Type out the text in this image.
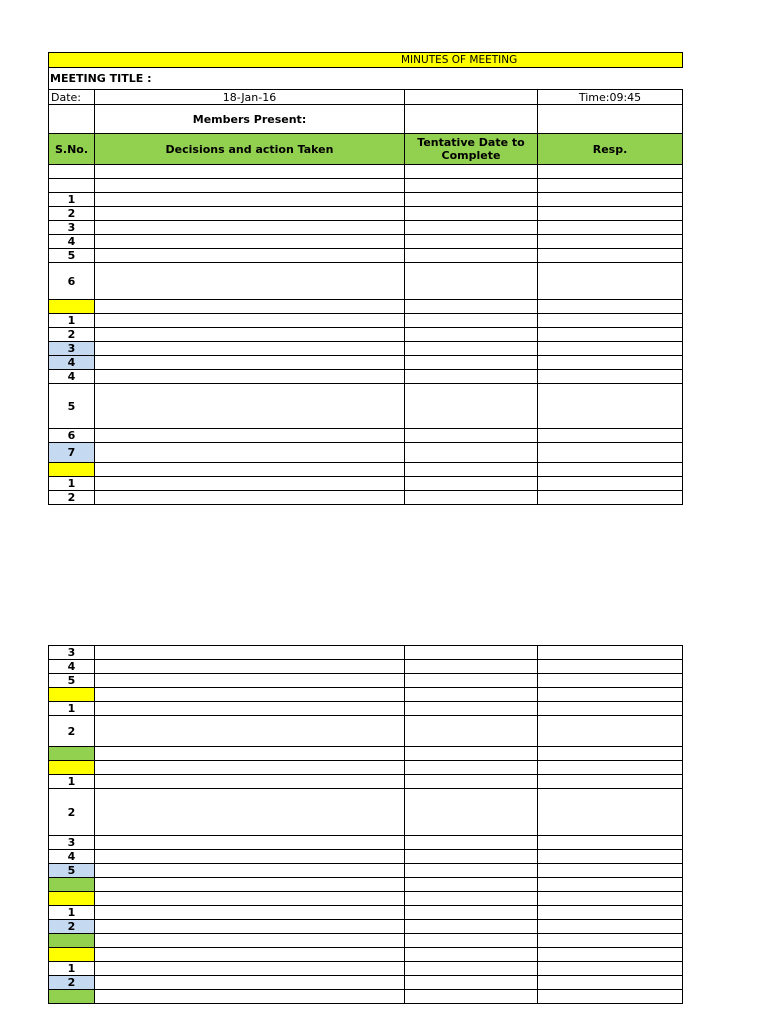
MINUTES OF MEETING			
MEETING TITLE :			
Date:	18-Jan-16		Time:09:45
	Members Present:		
S.No.	Decisions and action Taken	Tentative Date to Complete	Resp.

1			
2			
3			
4			
5			
6			

1			
2			
3			
4			
4			
5			
6			
7			

1			
2			
3			
4			
5			

1			
2			

1			
2			
3			
4			
5			

1			
2			

1			
2			
